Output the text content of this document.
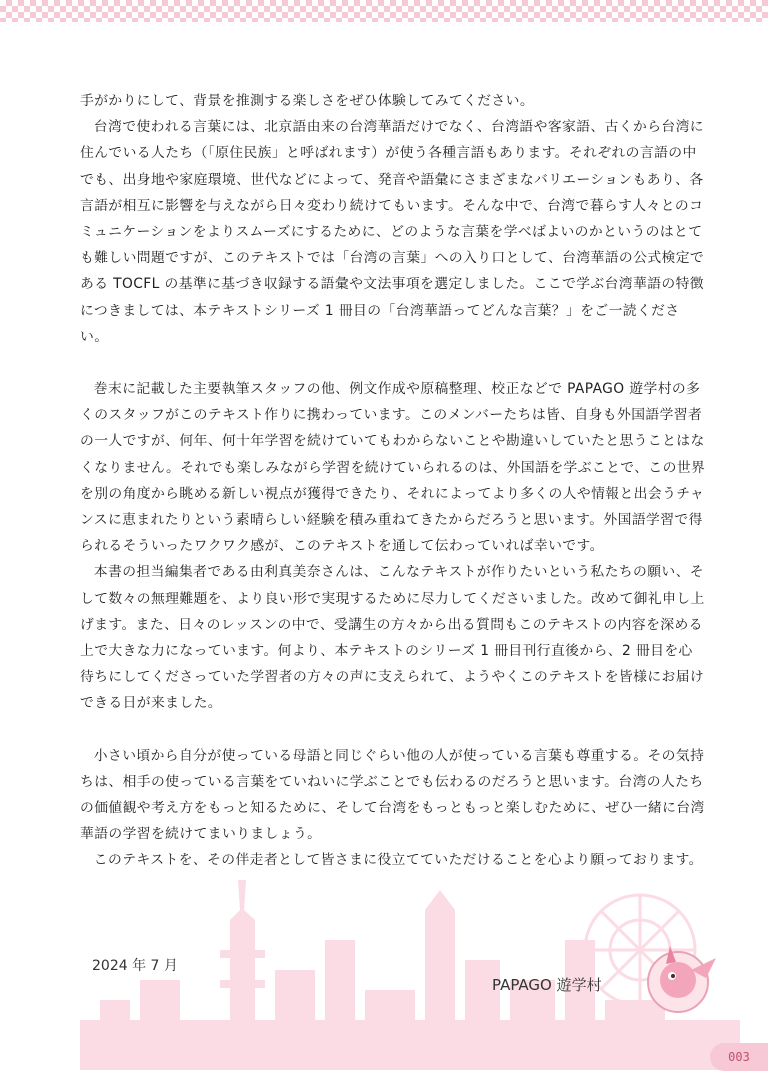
手がかりにして、背景を推測する楽しさをぜひ体験してみてください。

台湾で使われる言葉には、北京語由来の台湾華語だけでなく、台湾語や客家語、古くから台湾に住んでいる人たち（「原住民族」と呼ばれます）が使う各種言語もあります。それぞれの言語の中でも、出身地や家庭環境、世代などによって、発音や語彙にさまざまなバリエーションもあり、各言語が相互に影響を与えながら日々変わり続けてもいます。そんな中で、台湾で暮らす人々とのコミュニケーションをよりスムーズにするために、どのような言葉を学べばよいのかというのはとても難しい問題ですが、このテキストでは「台湾の言葉」への入り口として、台湾華語の公式検定である TOCFL の基準に基づき収録する語彙や文法事項を選定しました。ここで学ぶ台湾華語の特徴につきましては、本テキストシリーズ 1 冊目の「台湾華語ってどんな言葉？」をご一読ください。

巻末に記載した主要執筆スタッフの他、例文作成や原稿整理、校正などで PAPAGO 遊学村の多くのスタッフがこのテキスト作りに携わっています。このメンバーたちは皆、自身も外国語学習者の一人ですが、何年、何十年学習を続けていてもわからないことや勘違いしていたと思うことはなくなりません。それでも楽しみながら学習を続けていられるのは、外国語を学ぶことで、この世界を別の角度から眺める新しい視点が獲得できたり、それによってより多くの人や情報と出会うチャンスに恵まれたりという素晴らしい経験を積み重ねてきたからだろうと思います。外国語学習で得られるそういったワクワク感が、このテキストを通して伝わっていれば幸いです。

本書の担当編集者である由利真美奈さんは、こんなテキストが作りたいという私たちの願い、そして数々の無理難題を、より良い形で実現するために尽力してくださいました。改めて御礼申し上げます。また、日々のレッスンの中で、受講生の方々から出る質問もこのテキストの内容を深める上で大きな力になっています。何より、本テキストのシリーズ 1 冊目刊行直後から、2 冊目を心待ちにしてくださっていた学習者の方々の声に支えられて、ようやくこのテキストを皆様にお届けできる日が来ました。

小さい頃から自分が使っている母語と同じぐらい他の人が使っている言葉も尊重する。その気持ちは、相手の使っている言葉をていねいに学ぶことでも伝わるのだろうと思います。台湾の人たちの価値観や考え方をもっと知るために、そして台湾をもっともっと楽しむために、ぜひ一緒に台湾華語の学習を続けてまいりましょう。

このテキストを、その伴走者として皆さまに役立てていただけることを心より願っております。

2024 年 7 月
PAPAGO 遊学村
003
